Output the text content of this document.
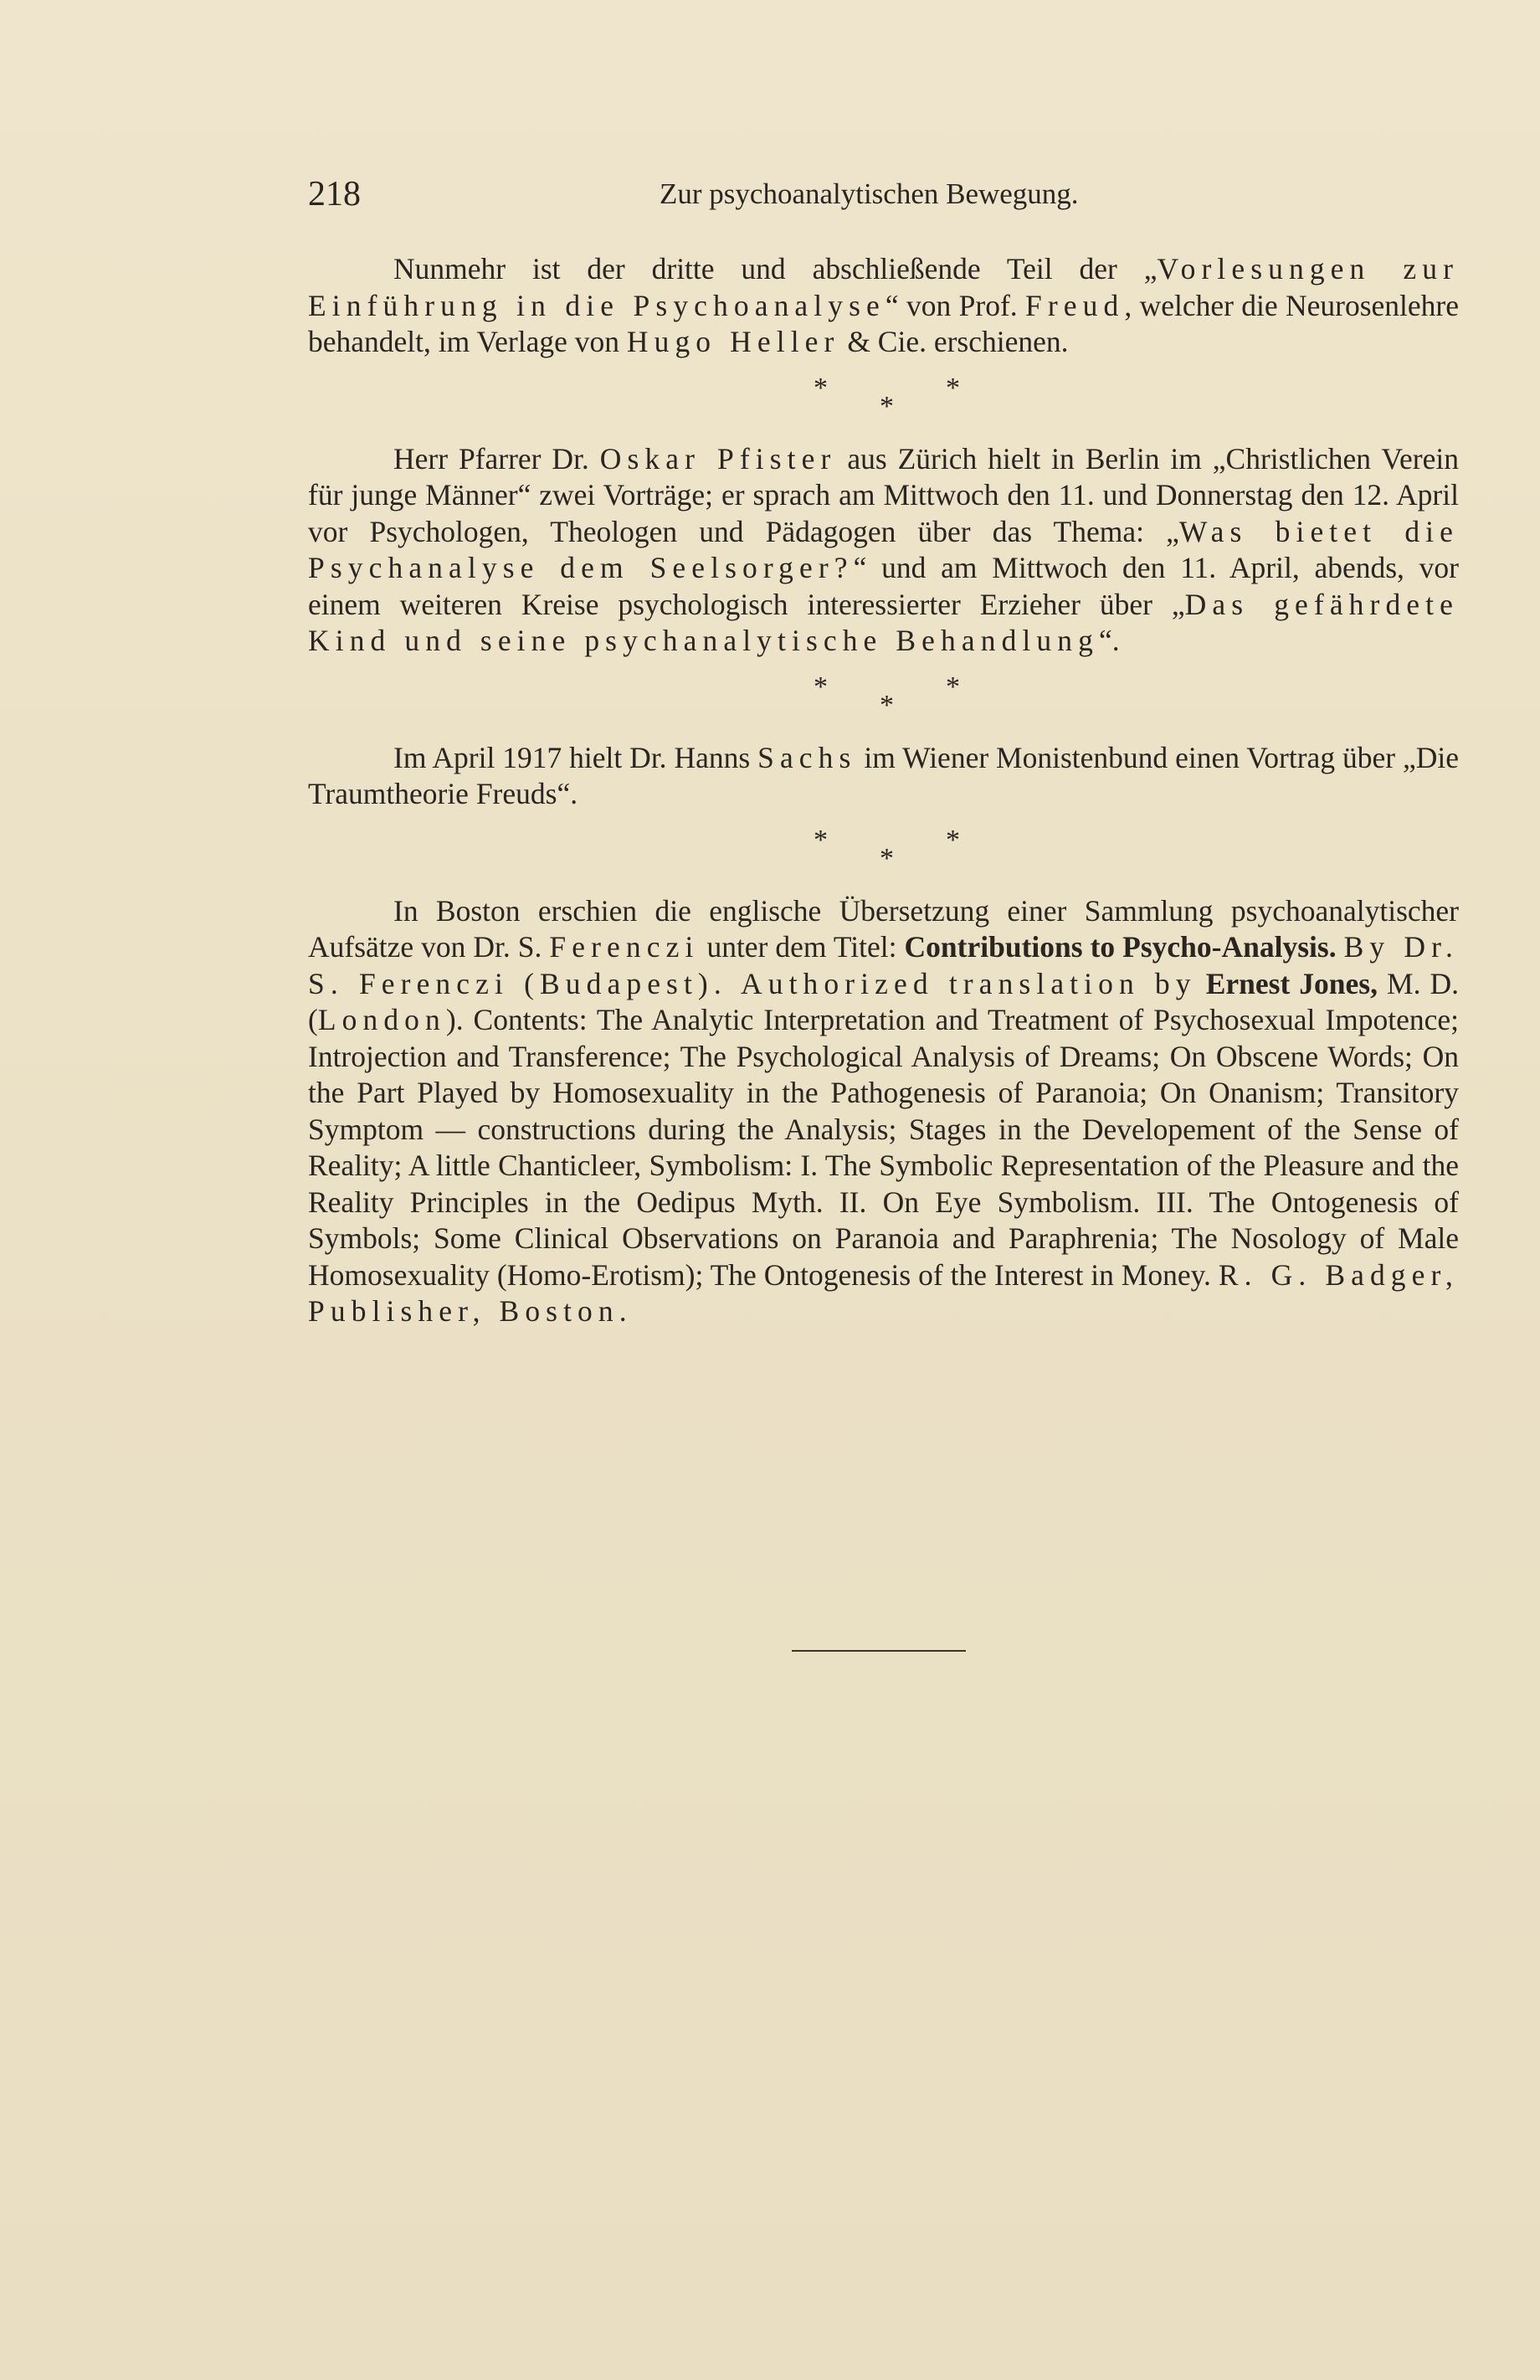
218	Zur psychoanalytischen Bewegung.

Nunmehr ist der dritte und abschließende Teil der „Vorlesungen zur Einführung in die Psychoanalyse“ von Prof. Freud, welcher die Neurosenlehre behandelt, im Verlage von Hugo Heller & Cie. erschienen.

*	*
*

Herr Pfarrer Dr. Oskar Pfister aus Zürich hielt in Berlin im „Christlichen Verein für junge Männer“ zwei Vorträge; er sprach am Mittwoch den 11. und Donnerstag den 12. April vor Psychologen, Theologen und Pädagogen über das Thema: „Was bietet die Psychanalyse dem Seelsorger?“ und am Mittwoch den 11. April, abends, vor einem weiteren Kreise psychologisch interessierter Erzieher über „Das gefährdete Kind und seine psychanalytische Behandlung“.

*	*
*

Im April 1917 hielt Dr. Hanns Sachs im Wiener Monistenbund einen Vortrag über „Die Traumtheorie Freuds“.

*	*
*

In Boston erschien die englische Übersetzung einer Sammlung psychoanalytischer Aufsätze von Dr. S. Ferenczi unter dem Titel: Contributions to Psycho-Analysis. By Dr. S. Ferenczi (Budapest). Authorized translation by Ernest Jones, M. D. (London). Contents: The Analytic Interpretation and Treatment of Psychosexual Impotence; Introjection and Transference; The Psychological Analysis of Dreams; On Obscene Words; On the Part Played by Homosexuality in the Pathogenesis of Paranoia; On Onanism; Transitory Symptom — constructions during the Analysis; Stages in the Developement of the Sense of Reality; A little Chanticleer, Symbolism: I. The Symbolic Representation of the Pleasure and the Reality Principles in the Oedipus Myth. II. On Eye Symbolism. III. The Ontogenesis of Symbols; Some Clinical Observations on Paranoia and Paraphrenia; The Nosology of Male Homosexuality (Homo-Erotism); The Ontogenesis of the Interest in Money. R. G. Badger, Publisher, Boston.
